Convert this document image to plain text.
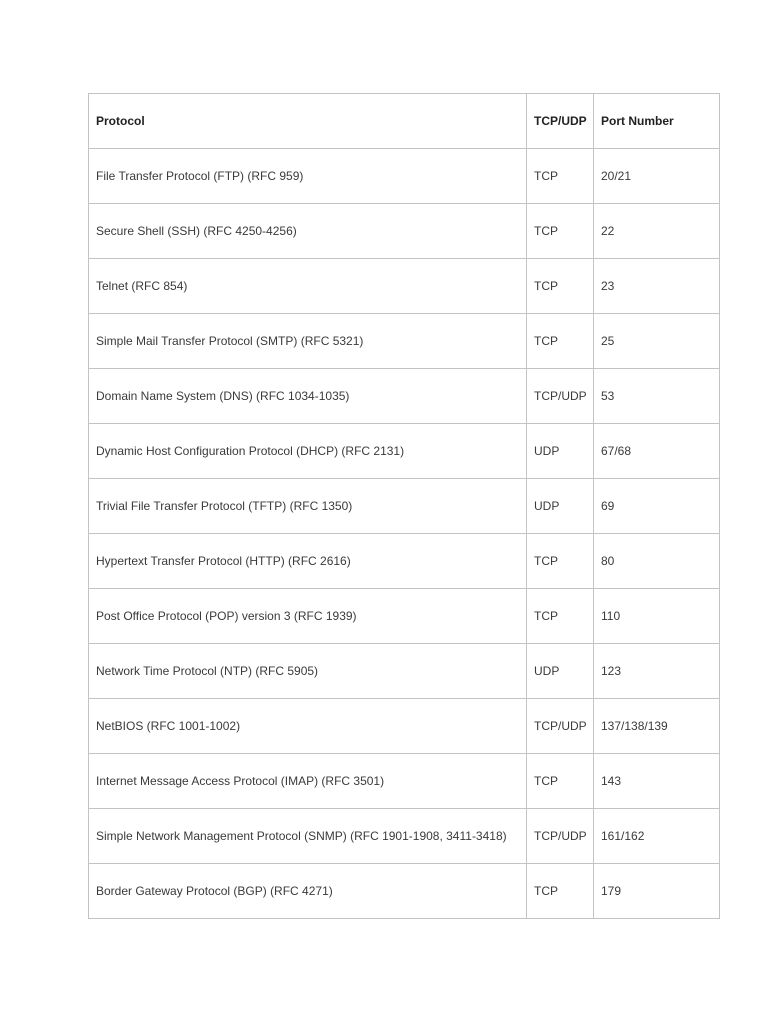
Protocol	TCP/UDP	Port Number
File Transfer Protocol (FTP) (RFC 959)	TCP	20/21
Secure Shell (SSH) (RFC 4250-4256)	TCP	22
Telnet (RFC 854)	TCP	23
Simple Mail Transfer Protocol (SMTP) (RFC 5321)	TCP	25
Domain Name System (DNS) (RFC 1034-1035)	TCP/UDP	53
Dynamic Host Configuration Protocol (DHCP) (RFC 2131)	UDP	67/68
Trivial File Transfer Protocol (TFTP) (RFC 1350)	UDP	69
Hypertext Transfer Protocol (HTTP) (RFC 2616)	TCP	80
Post Office Protocol (POP) version 3 (RFC 1939)	TCP	110
Network Time Protocol (NTP) (RFC 5905)	UDP	123
NetBIOS (RFC 1001-1002)	TCP/UDP	137/138/139
Internet Message Access Protocol (IMAP) (RFC 3501)	TCP	143
Simple Network Management Protocol (SNMP) (RFC 1901-1908, 3411-3418)	TCP/UDP	161/162
Border Gateway Protocol (BGP) (RFC 4271)	TCP	179
